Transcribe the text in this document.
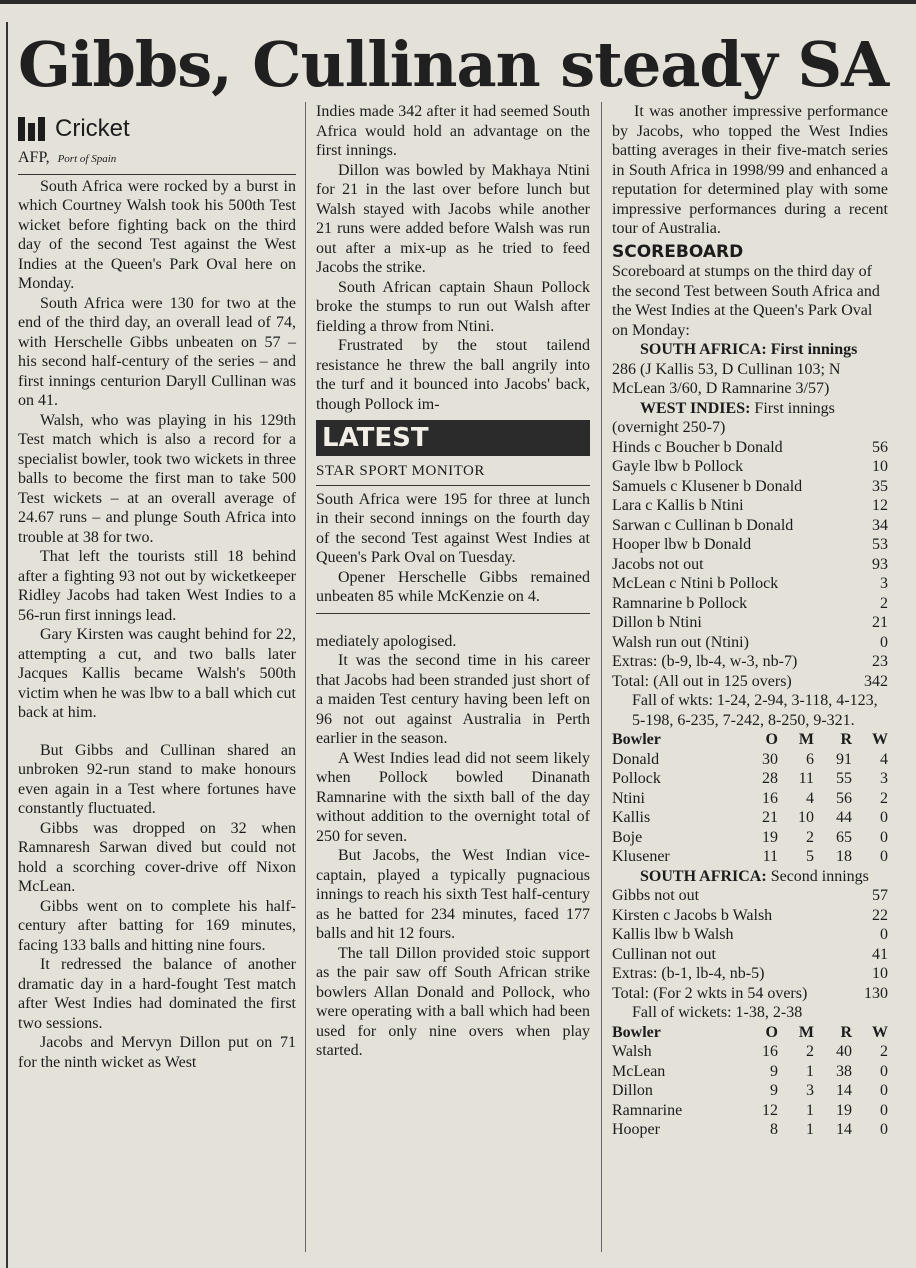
Gibbs, Cullinan steady SA
Cricket
AFP, Port of Spain

South Africa were rocked by a burst in which Courtney Walsh took his 500th Test wicket before fighting back on the third day of the second Test against the West Indies at the Queen's Park Oval here on Monday.

South Africa were 130 for two at the end of the third day, an overall lead of 74, with Herschelle Gibbs unbeaten on 57 – his second half-century of the series – and first innings centurion Daryll Cullinan was on 41.

Walsh, who was playing in his 129th Test match which is also a record for a specialist bowler, took two wickets in three balls to become the first man to take 500 Test wickets – at an overall average of 24.67 runs – and plunge South Africa into trouble at 38 for two.

That left the tourists still 18 behind after a fighting 93 not out by wicketkeeper Ridley Jacobs had taken West Indies to a 56-run first innings lead.

Gary Kirsten was caught behind for 22, attempting a cut, and two balls later Jacques Kallis became Walsh's 500th victim when he was lbw to a ball which cut back at him.

But Gibbs and Cullinan shared an unbroken 92-run stand to make honours even again in a Test where fortunes have constantly fluctuated.

Gibbs was dropped on 32 when Ramnaresh Sarwan dived but could not hold a scorching cover-drive off Nixon McLean.

Gibbs went on to complete his half-century after batting for 169 minutes, facing 133 balls and hitting nine fours.

It redressed the balance of another dramatic day in a hard-fought Test match after West Indies had dominated the first two sessions.

Jacobs and Mervyn Dillon put on 71 for the ninth wicket as West

Indies made 342 after it had seemed South Africa would hold an advantage on the first innings.

Dillon was bowled by Makhaya Ntini for 21 in the last over before lunch but Walsh stayed with Jacobs while another 21 runs were added before Walsh was run out after a mix-up as he tried to feed Jacobs the strike.

South African captain Shaun Pollock broke the stumps to run out Walsh after fielding a throw from Ntini.

Frustrated by the stout tailend resistance he threw the ball angrily into the turf and it bounced into Jacobs' back, though Pollock im-

LATEST
STAR SPORT MONITOR

South Africa were 195 for three at lunch in their second innings on the fourth day of the second Test against West Indies at Queen's Park Oval on Tuesday.

Opener Herschelle Gibbs remained unbeaten 85 while McKenzie on 4.

mediately apologised.

It was the second time in his career that Jacobs had been stranded just short of a maiden Test century having been left on 96 not out against Australia in Perth earlier in the season.

A West Indies lead did not seem likely when Pollock bowled Dinanath Ramnarine with the sixth ball of the day without addition to the overnight total of 250 for seven.

But Jacobs, the West Indian vice-captain, played a typically pugnacious innings to reach his sixth Test half-century as he batted for 234 minutes, faced 177 balls and hit 12 fours.

The tall Dillon provided stoic support as the pair saw off South African strike bowlers Allan Donald and Pollock, who were operating with a ball which had been used for only nine overs when play started.

It was another impressive performance by Jacobs, who topped the West Indies batting averages in their five-match series in South Africa in 1998/99 and enhanced a reputation for determined play with some impressive performances during a recent tour of Australia.

SCOREBOARD

Scoreboard at stumps on the third day of the second Test between South Africa and the West Indies at the Queen's Park Oval on Monday:

SOUTH AFRICA: First innings
286 (J Kallis 53, D Cullinan 103; N McLean 3/60, D Ramnarine 3/57)
WEST INDIES: First innings
(overnight 250-7)
Hinds c Boucher b Donald	56
Gayle lbw b Pollock	10
Samuels c Klusener b Donald	35
Lara c Kallis b Ntini	12
Sarwan c Cullinan b Donald	34
Hooper lbw b Donald	53
Jacobs not out	93
McLean c Ntini b Pollock	3
Ramnarine b Pollock	2
Dillon b Ntini	21
Walsh run out (Ntini)	0
Extras: (b-9, lb-4, w-3, nb-7)	23
Total: (All out in 125 overs)	342
Fall of wkts: 1-24, 2-94, 3-118, 4-123, 5-198, 6-235, 7-242, 8-250, 9-321.
Bowler	O	M	R	W
Donald	30	6	91	4
Pollock	28	11	55	3
Ntini	16	4	56	2
Kallis	21	10	44	0
Boje	19	2	65	0
Klusener	11	5	18	0
SOUTH AFRICA: Second innings
Gibbs not out	57
Kirsten c Jacobs b Walsh	22
Kallis lbw b Walsh	0
Cullinan not out	41
Extras: (b-1, lb-4, nb-5)	10
Total: (For 2 wkts in 54 overs)	130
Fall of wickets: 1-38, 2-38
Bowler	O	M	R	W
Walsh	16	2	40	2
McLean	9	1	38	0
Dillon	9	3	14	0
Ramnarine	12	1	19	0
Hooper	8	1	14	0
